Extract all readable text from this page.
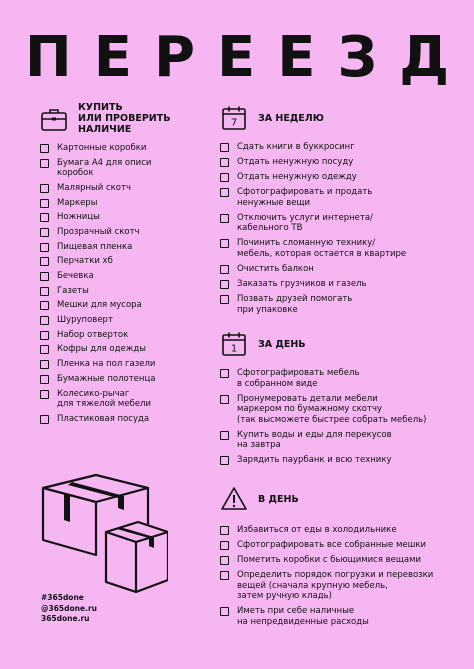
ПЕРЕЕЗД
КУПИТЬ
ИЛИ ПРОВЕРИТЬ
НАЛИЧИЕ
Картонные коробки
Бумага А4 для описи
коробок
Малярный скотч
Маркеры
Ножницы
Прозрачный скотч
Пищевая пленка
Перчатки хб
Бечевка
Газеты
Мешки для мусора
Шуруповерт
Набор отверток
Кофры для одежды
Пленка на пол газели
Бумажные полотенца
Колесико-рычаг
для тяжелой мебели
Пластиковая посуда
7 ЗА НЕДЕЛЮ
Сдать книги в буккросинг
Отдать ненужную посуду
Отдать ненужную одежду
Сфотографировать и продать
ненужные вещи
Отключить услуги интернета/
кабельного ТВ
Починить сломанную технику/
мебель, которая остается в квартире
Очистить балкон
Заказать грузчиков и газель
Позвать друзей помогать
при упаковке
1 ЗА ДЕНЬ
Сфотографировать мебель
в собранном виде
Пронумеровать детали мебели
маркером по бумажному скотчу
(так высможете быстрее собрать мебель)
Купить воды и еды для перекусов
на завтра
Зарядить паурбанк и всю технику
В ДЕНЬ
Избавиться от еды в холодильнике
Сфотографировать все собранные мешки
Пометить коробки с бьющимися вещами
Определить порядок погрузки и перевозки
вещей (сначала крупную мебель,
затем ручную кладь)
Иметь при себе наличные
на непредвиденные расходы
#365done
@365done.ru
365done.ru
